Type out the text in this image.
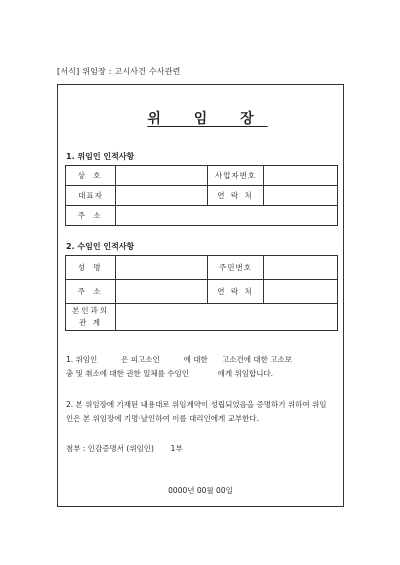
[서식] 위임장 : 고시사건 수사관련
위 임 장
1. 위임인 인적사항
상 호		사업자번호	
대표자		연 락 처	
주 소			
2. 수임인 인적사항
성 명		주민번호	
주 소		연 락 처	

본인과의
관 계			

1. 위임인          은 피고소인          에 대한      고소건에 대한 고소보
충 및 취소에 대한 권한 일체를 수임인            에게 위임합니다.
2. 본 위임장에 기재된 내용대로 위임계약이 성립되었음을 증명하기 위하여 위임
인은 본 위임장에 기명·날인하여 이를 대리인에게 교부한다.
첨부 : 인감증명서 (위임인)       1부
0000년 00월 00일
